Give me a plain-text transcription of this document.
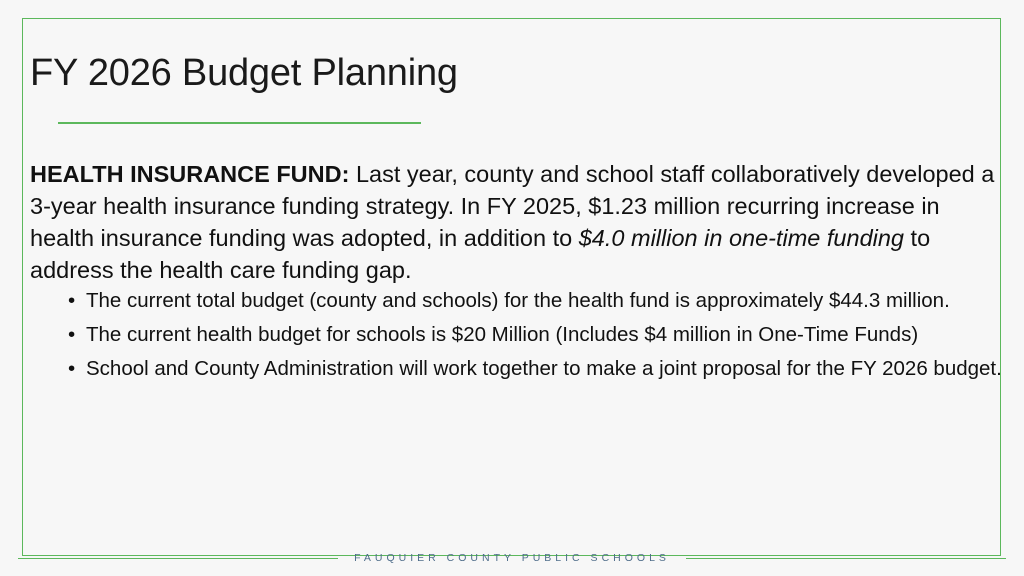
FY 2026 Budget Planning

HEALTH INSURANCE FUND: Last year, county and school staff collaboratively developed a 3-year health insurance funding strategy. In FY 2025, $1.23 million recurring increase in health insurance funding was adopted, in addition to $4.0 million in one-time funding to address the health care funding gap.

• The current total budget (county and schools) for the health fund is approximately $44.3 million.
• The current health budget for schools is $20 Million (Includes $4 million in One-Time Funds)
• School and County Administration will work together to make a joint proposal for the FY 2026 budget.
FAUQUIER COUNTY PUBLIC SCHOOLS
